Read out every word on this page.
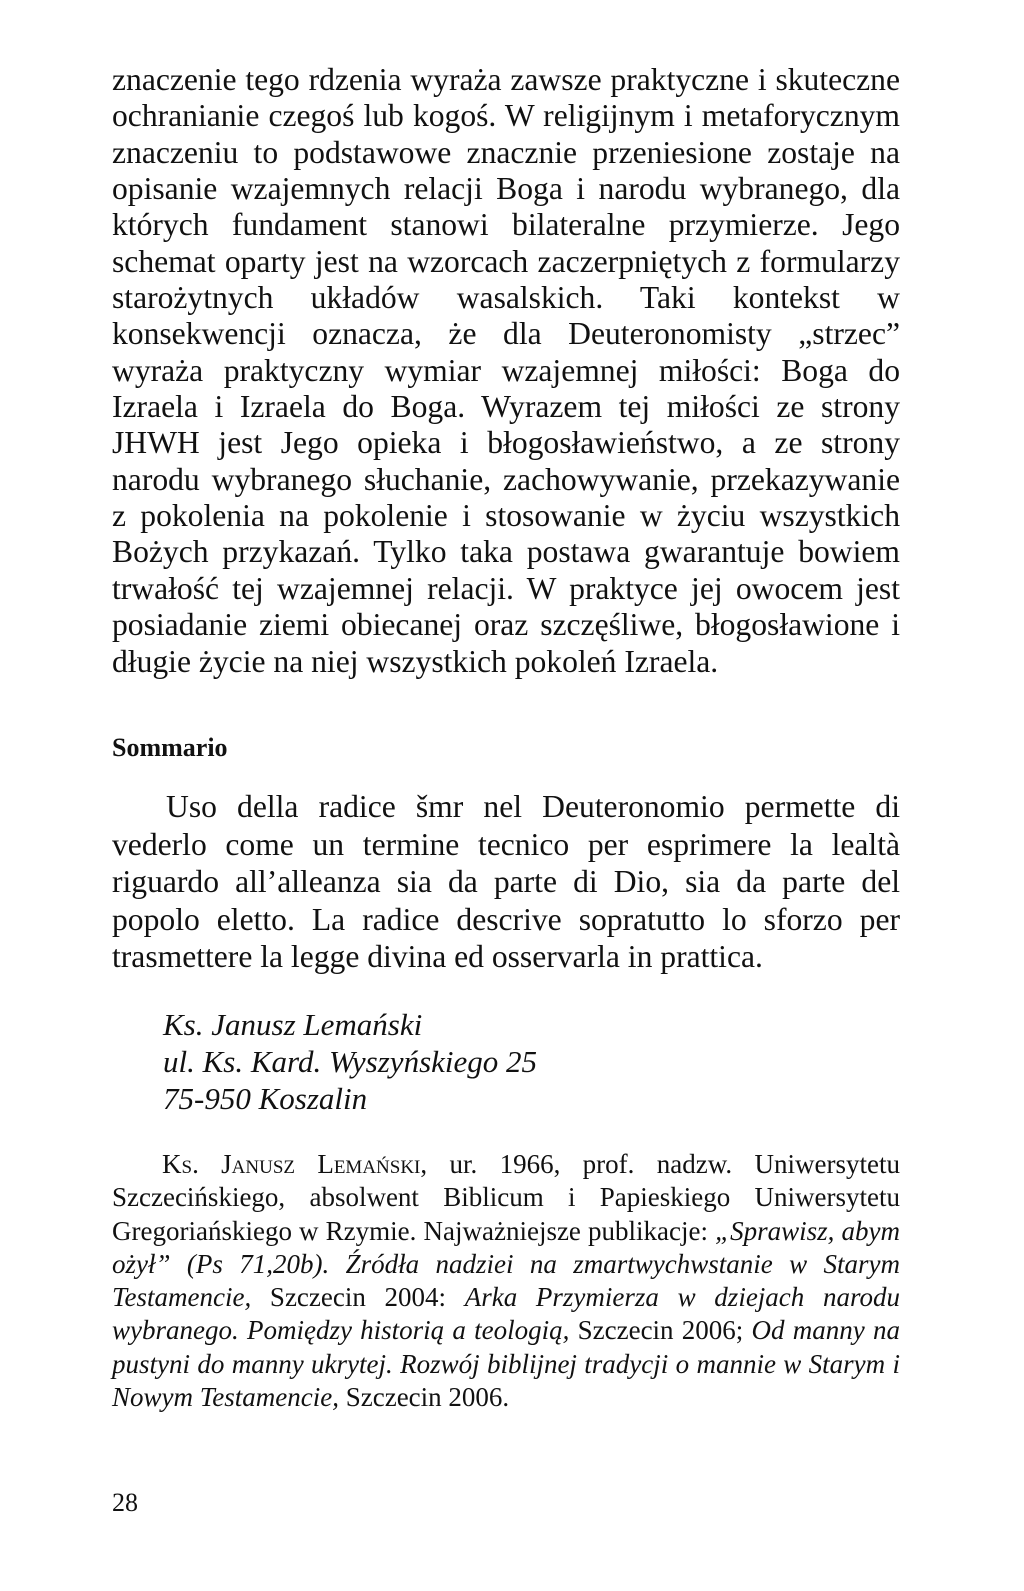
znaczenie tego rdzenia wyraża zawsze praktyczne i skuteczne ochranianie czegoś lub kogoś. W religijnym i metaforycznym znaczeniu to podstawowe znacznie przeniesione zostaje na opisanie wzajemnych relacji Boga i narodu wybranego, dla których fundament stanowi bilateralne przymierze. Jego schemat oparty jest na wzorcach zaczerpniętych z formularzy starożytnych układów wasalskich. Taki kontekst w konsekwencji oznacza, że dla Deuteronomisty „strzec” wyraża praktyczny wymiar wzajemnej miłości: Boga do Izraela i Izraela do Boga. Wyrazem tej miłości ze strony JHWH jest Jego opieka i błogosławieństwo, a ze strony narodu wybranego słuchanie, zachowywanie, przekazywanie z pokolenia na pokolenie i stosowanie w życiu wszystkich Bożych przykazań. Tylko taka postawa gwarantuje bowiem trwałość tej wzajemnej relacji. W praktyce jej owocem jest posiadanie ziemi obiecanej oraz szczęśliwe, błogosławione i długie życie na niej wszystkich pokoleń Izraela.

Sommario

Uso della radice šmr nel Deuteronomio permette di vederlo come un termine tecnico per esprimere la lealtà riguardo all’alleanza sia da parte di Dio, sia da parte del popolo eletto. La radice descrive sopratutto lo sforzo per trasmettere la legge divina ed osservarla in prattica.

Ks. Janusz Lemański
ul. Ks. Kard. Wyszyńskiego 25
75-950 Koszalin

Ks. Janusz Lemański, ur. 1966, prof. nadzw. Uniwersytetu Szczecińskiego, absolwent Biblicum i Papieskiego Uniwersytetu Gregoriańskiego w Rzymie. Najważniejsze publikacje: „Sprawisz, abym ożył” (Ps 71,20b). Źródła nadziei na zmartwychwstanie w Starym Testamencie, Szczecin 2004: Arka Przymierza w dziejach narodu wybranego. Pomiędzy historią a teologią, Szczecin 2006; Od manny na pustyni do manny ukrytej. Rozwój biblijnej tradycji o mannie w Starym i Nowym Testamencie, Szczecin 2006.

28
